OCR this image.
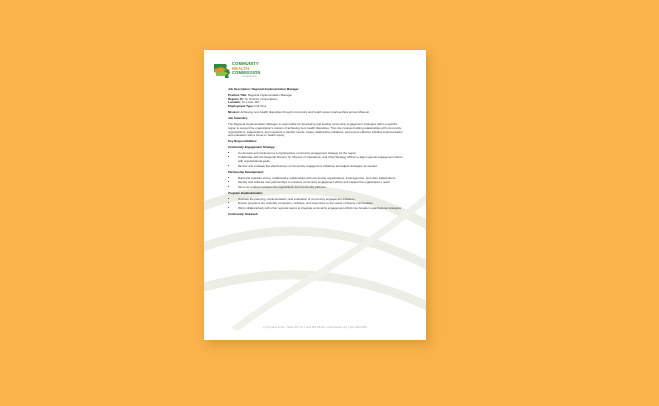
COMMUNITY
HEALTH
COMMISSION
OF MISSOURI

Job Description: Regional Implementation Manager

Position Title: Regional Implementation Manager
Reports To: Sr. Director of Operations
Location: St. Louis, MO
Employment Type: Full-Time

Mission: Achieving zero health disparities through community and health system partnerships across Missouri.

Job Summary:

The Regional Implementation Manager is responsible for developing and leading community engagement strategies within a specific region to support the organization's mission of achieving zero health disparities. This role involves building relationships with community organizations, stakeholders, and residents to identify needs, create collaborative initiatives, and ensure effective initiative implementation and evaluation with a focus on health equity.

Key Responsibilities:

Community Engagement Strategy:

• Co-develop and implement a comprehensive community engagement strategy for the region.
• Collaborate with the Regional Director, Sr. Director of Operations, and Chief Strategy Officer to align regional engagement efforts with organizational goals.
• Monitor and evaluate the effectiveness of community engagement initiatives and adjust strategies as needed.

Partnership Development:

• Build and maintain strong, collaborative relationships with community organizations, local agencies, and other stakeholders.
• Identify and cultivate new partnerships to enhance community engagement efforts and expand the organization's reach.
• Serve as a liaison between the organization and community partners.

Program Implementation:

• Oversee the planning, implementation, and evaluation of community engagement initiatives.
• Ensure programs are culturally competent, inclusive, and responsive to the needs of diverse communities.
• Work collaboratively with other regional teams to integrate community engagement efforts into broader organizational strategies.

Community Outreach:

2 Cityplace Drive | Suite 20 | St. Louis MO 63141 | chcmissouri.org | 314.446.6454
